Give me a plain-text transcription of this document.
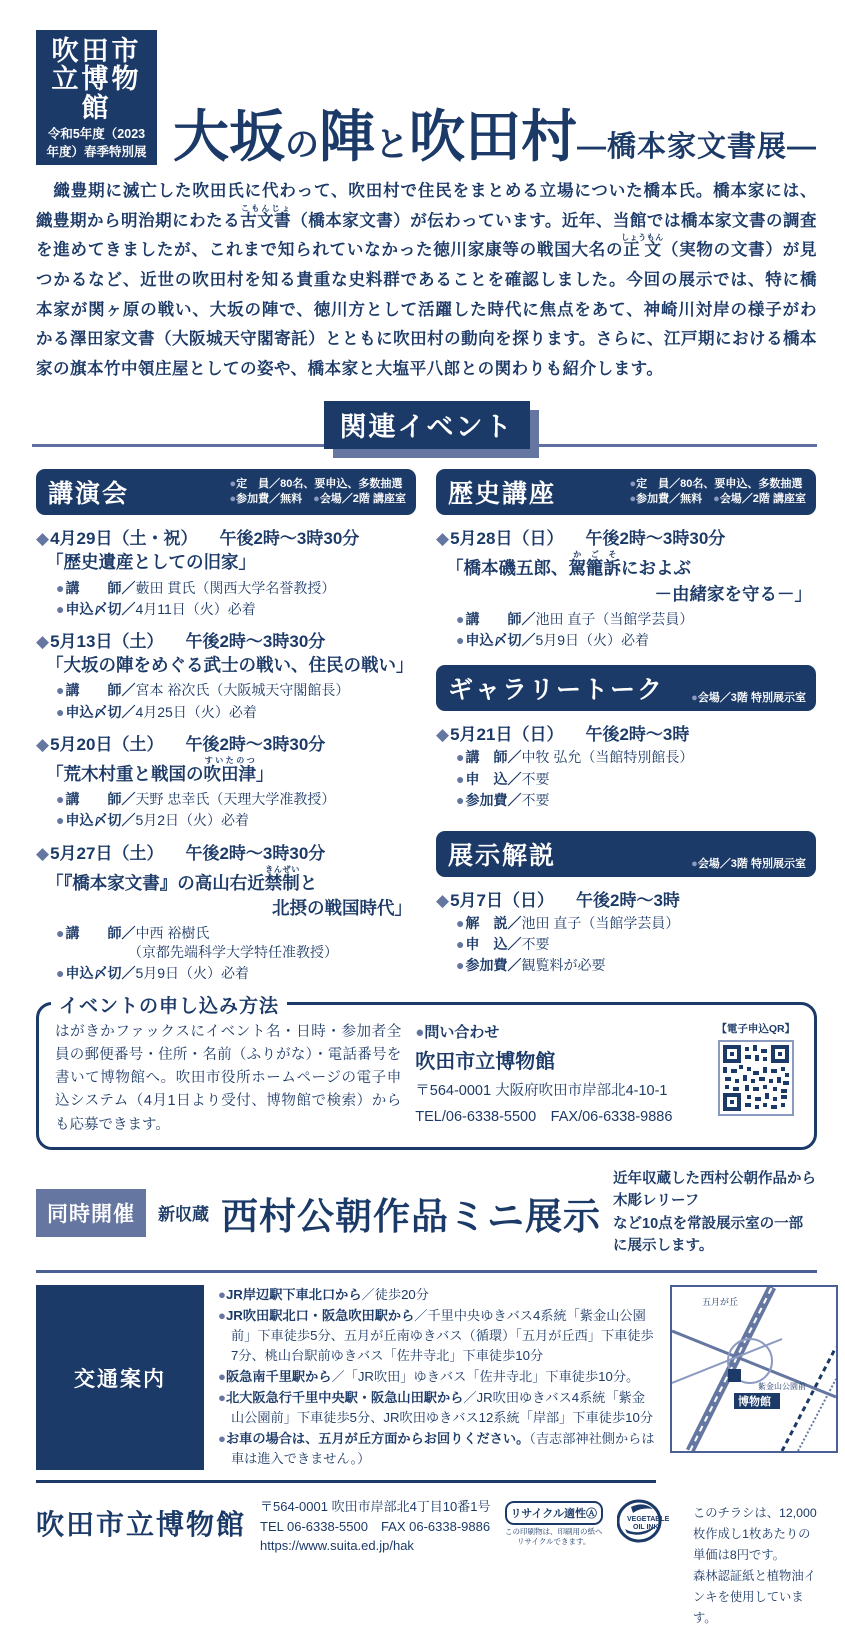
吹田市立博物館
令和5年度（2023年度）春季特別展 大坂の陣と吹田村―橋本家文書展―

　織豊期に滅亡した吹田氏に代わって、吹田村で住民をまとめる立場についた橋本氏。橋本家には、織豊期から明治期にわたる古文書こもんじょ（橋本家文書）が伝わっています。近年、当館では橋本家文書の調査を進めてきましたが、これまで知られていなかった徳川家康等の戦国大名の正文しょうもん（実物の文書）が見つかるなど、近世の吹田村を知る貴重な史料群であることを確認しました。今回の展示では、特に橋本家が関ヶ原の戦い、大坂の陣で、徳川方として活躍した時代に焦点をあて、神崎川対岸の様子がわかる澤田家文書（大阪城天守閣寄託）とともに吹田村の動向を探ります。さらに、江戸期における橋本家の旗本竹中領庄屋としての姿や、橋本家と大塩平八郎との関わりも紹介します。

関連イベント
講演会	●定　員／80名、要申込、多数抽選
●参加費／無料　 ●会場／2階 講座室
◆4月29日（土・祝） 午後2時～3時30分
「歴史遺産としての旧家」
●講　　師／藪田 貫氏（関西大学名誉教授）
●申込〆切／4月11日（火）必着
◆5月13日（土） 午後2時～3時30分
「大坂の陣をめぐる武士の戦い、住民の戦い」
●講　　師／宮本 裕次氏（大阪城天守閣館長）
●申込〆切／4月25日（火）必着
◆5月20日（土） 午後2時～3時30分
「荒木村重と戦国の吹田津すいたのつ」
●講　　師／天野 忠幸氏（天理大学准教授）
●申込〆切／5月2日（火）必着
◆5月27日（土） 午後2時～3時30分
「『橋本家文書』の高山右近禁制きんぜいと
北摂の戦国時代」
●講　　師／中西 裕樹氏
（京都先端科学大学特任准教授）
●申込〆切／5月9日（火）必着
歴史講座	●定　員／80名、要申込、多数抽選
●参加費／無料　 ●会場／2階 講座室
◆5月28日（日） 午後2時～3時30分
「橋本磯五郎、駕籠訴かごそにおよぶ
－由緒家を守る－」
●講　　師／池田 直子（当館学芸員）
●申込〆切／5月9日（火）必着
ギャラリートーク ●会場／3階 特別展示室
◆5月21日（日） 午後2時～3時
●講　師／中牧 弘允（当館特別館長）
●申　込／不要
●参加費／不要
展示解説	●会場／3階 特別展示室
◆5月7日（日） 午後2時～3時
●解　説／池田 直子（当館学芸員）
●申　込／不要
●参加費／観覧料が必要
イベントの申し込み方法
はがきかファックスにイベント名・日時・参加者全員の郵便番号・住所・名前（ふりがな）・電話番号を書いて博物館へ。吹田市役所ホームページの電子申込システム（4月1日より受付、博物館で検索）からも応募できます。
●問い合わせ
吹田市立博物館
〒564-0001 大阪府吹田市岸部北4-10-1
TEL/06-6338-5500　FAX/06-6338-9886
【電子申込QR】
同時開催	新収蔵 西村公朝作品ミニ展示
近年収蔵した西村公朝作品から木彫レリーフ
など10点を常設展示室の一部に展示します。
交通案内
●JR岸辺駅下車北口から／徒歩20分
●JR吹田駅北口・阪急吹田駅から／千里中央ゆきバス4系統「紫金山公園前」下車徒歩5分、五月が丘南ゆきバス（循環）「五月が丘西」下車徒歩7分、桃山台駅前ゆきバス「佐井寺北」下車徒歩10分
●阪急南千里駅から／「JR吹田」ゆきバス「佐井寺北」下車徒歩10分。
●北大阪急行千里中央駅・阪急山田駅から／JR吹田ゆきバス4系統「紫金山公園前」下車徒歩5分、JR吹田ゆきバス12系統「岸部」下車徒歩10分
●お車の場合は、五月が丘方面からお回りください。（吉志部神社側からは車は進入できません。）
五月が丘
紫金山公園前
博物館
吹田市立博物館
〒564-0001 吹田市岸部北4丁目10番1号
TEL 06-6338-5500　FAX 06-6338-9886
https://www.suita.ed.jp/hak
リサイクル適性Ⓐ
この印刷物は、印刷用の紙へリサイクルできます。
VEGETABLE
OIL INK
このチラシは、12,000枚作成し1枚あたりの単価は8円です。
森林認証紙と植物油インキを使用しています。
